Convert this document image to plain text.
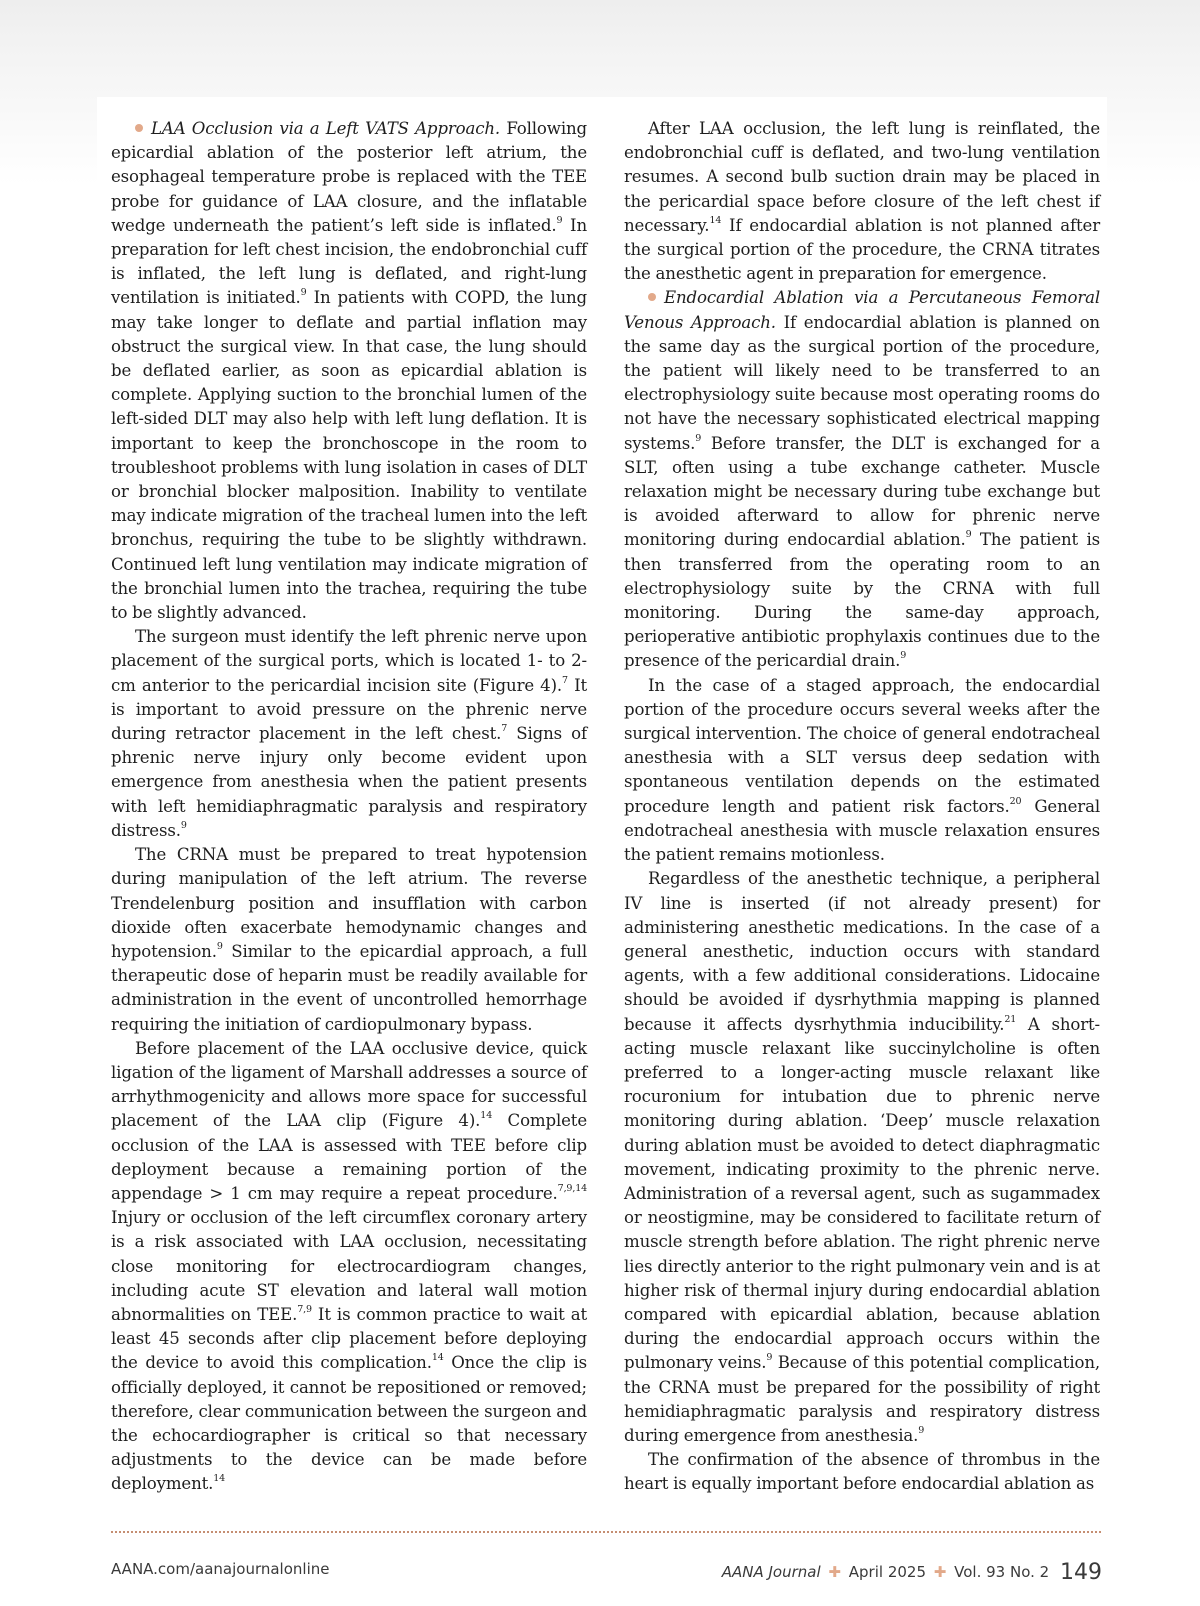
LAA Occlusion via a Left VATS Approach. Following epicardial ablation of the posterior left atrium, the esophageal temperature probe is replaced with the TEE probe for guidance of LAA closure, and the inflatable wedge underneath the patient’s left side is inflated.$^9$ In preparation for left chest incision, the endobronchial cuff is inflated, the left lung is deflated, and right-lung ventilation is initiated.$^9$ In patients with COPD, the lung may take longer to deflate and partial inflation may obstruct the surgical view. In that case, the lung should be deflated earlier, as soon as epicardial ablation is complete. Applying suction to the bronchial lumen of the left-sided DLT may also help with left lung deflation. It is important to keep the bronchoscope in the room to troubleshoot problems with lung isolation in cases of DLT or bronchial blocker malposition. Inability to ventilate may indicate migration of the tracheal lumen into the left bronchus, requiring the tube to be slightly withdrawn. Continued left lung ventilation may indicate migration of the bronchial lumen into the trachea, requiring the tube to be slightly advanced.

The surgeon must identify the left phrenic nerve upon placement of the surgical ports, which is located 1- to 2-cm anterior to the pericardial incision site (Figure 4).$^7$ It is important to avoid pressure on the phrenic nerve during retractor placement in the left chest.$^7$ Signs of phrenic nerve injury only become evident upon emergence from anesthesia when the patient presents with left hemidiaphragmatic paralysis and respiratory distress.$^9$

The CRNA must be prepared to treat hypotension during manipulation of the left atrium. The reverse Trendelenburg position and insufflation with carbon dioxide often exacerbate hemodynamic changes and hypotension.$^9$ Similar to the epicardial approach, a full therapeutic dose of heparin must be readily available for administration in the event of uncontrolled hemorrhage requiring the initiation of cardiopulmonary bypass.

Before placement of the LAA occlusive device, quick ligation of the ligament of Marshall addresses a source of arrhythmogenicity and allows more space for successful placement of the LAA clip (Figure 4).$^{14}$ Complete occlusion of the LAA is assessed with TEE before clip deployment because a remaining portion of the appendage > 1 cm may require a repeat procedure.$^{7,9,14}$ Injury or occlusion of the left circumflex coronary artery is a risk associated with LAA occlusion, necessitating close monitoring for electrocardiogram changes, including acute ST elevation and lateral wall motion abnormalities on TEE.$^{7,9}$ It is common practice to wait at least 45 seconds after clip placement before deploying the device to avoid this complication.$^{14}$ Once the clip is officially deployed, it cannot be repositioned or removed; therefore, clear communication between the surgeon and the echocardiographer is critical so that necessary adjustments to the device can be made before deployment.$^{14}$

After LAA occlusion, the left lung is reinflated, the endobronchial cuff is deflated, and two-lung ventilation resumes. A second bulb suction drain may be placed in the pericardial space before closure of the left chest if necessary.$^{14}$ If endocardial ablation is not planned after the surgical portion of the procedure, the CRNA titrates the anesthetic agent in preparation for emergence.

Endocardial Ablation via a Percutaneous Femoral Venous Approach. If endocardial ablation is planned on the same day as the surgical portion of the procedure, the patient will likely need to be transferred to an electrophysiology suite because most operating rooms do not have the necessary sophisticated electrical mapping systems.$^9$ Before transfer, the DLT is exchanged for a SLT, often using a tube exchange catheter. Muscle relaxation might be necessary during tube exchange but is avoided afterward to allow for phrenic nerve monitoring during endocardial ablation.$^9$ The patient is then transferred from the operating room to an electrophysiology suite by the CRNA with full monitoring. During the same-day approach, perioperative antibiotic prophylaxis continues due to the presence of the pericardial drain.$^9$

In the case of a staged approach, the endocardial portion of the procedure occurs several weeks after the surgical intervention. The choice of general endotracheal anesthesia with a SLT versus deep sedation with spontaneous ventilation depends on the estimated procedure length and patient risk factors.$^{20}$ General endotracheal anesthesia with muscle relaxation ensures the patient remains motionless.

Regardless of the anesthetic technique, a peripheral IV line is inserted (if not already present) for administering anesthetic medications. In the case of a general anesthetic, induction occurs with standard agents, with a few additional considerations. Lidocaine should be avoided if dysrhythmia mapping is planned because it affects dysrhythmia inducibility.$^{21}$ A short-acting muscle relaxant like succinylcholine is often preferred to a longer-acting muscle relaxant like rocuronium for intubation due to phrenic nerve monitoring during ablation. ‘Deep’ muscle relaxation during ablation must be avoided to detect diaphragmatic movement, indicating proximity to the phrenic nerve. Administration of a reversal agent, such as sugammadex or neostigmine, may be considered to facilitate return of muscle strength before ablation. The right phrenic nerve lies directly anterior to the right pulmonary vein and is at higher risk of thermal injury during endocardial ablation compared with epicardial ablation, because ablation during the endocardial approach occurs within the pulmonary veins.$^9$ Because of this potential complication, the CRNA must be prepared for the possibility of right hemidiaphragmatic paralysis and respiratory distress during emergence from anesthesia.$^9$

The confirmation of the absence of thrombus in the heart is equally important before endocardial ablation as

AANA.com/aanajournalonline	AANA Journal ✚ April 2025 ✚ Vol. 93 No. 2 149
